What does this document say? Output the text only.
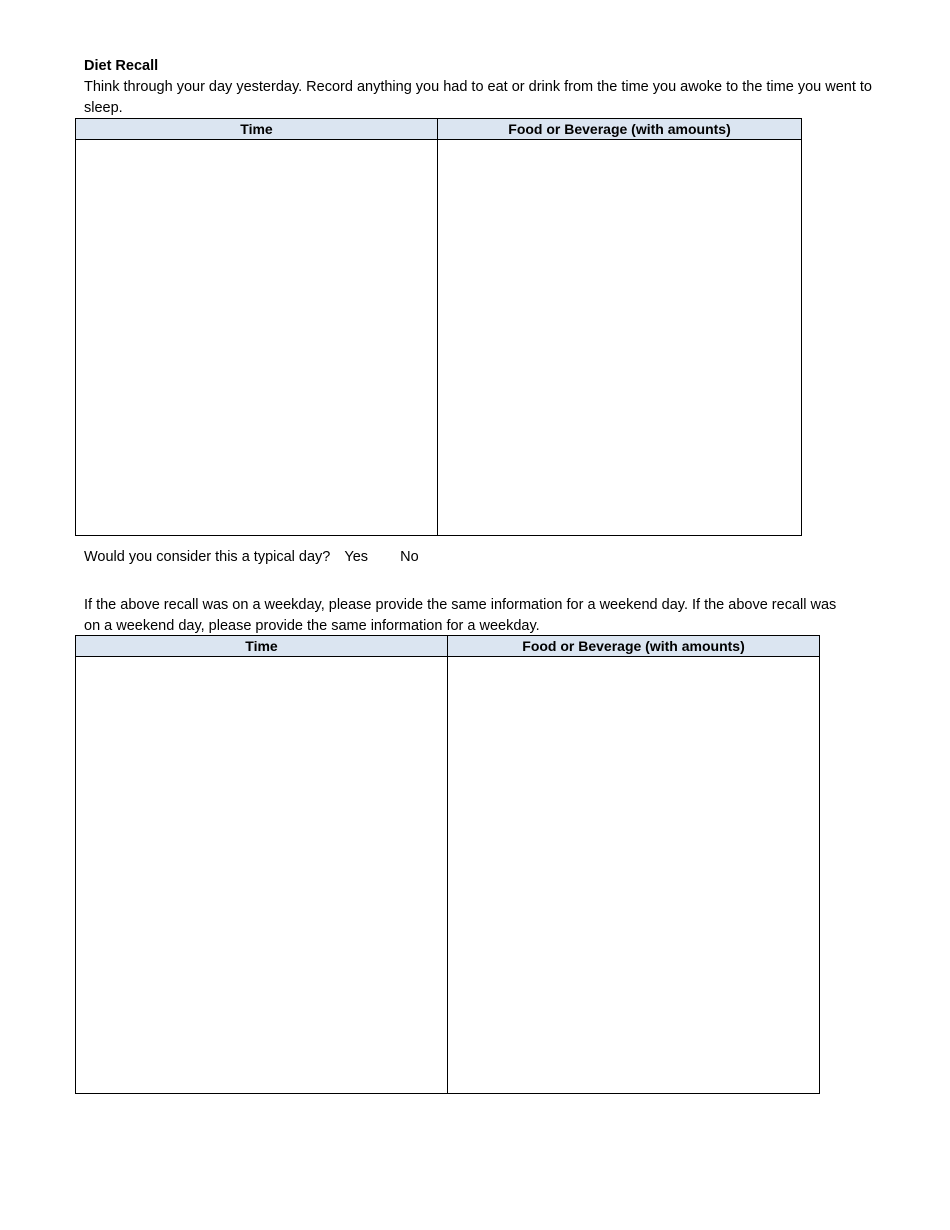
Diet Recall
Think through your day yesterday. Record anything you had to eat or drink from the time you awoke to the time you went to sleep.
Time	Food or Beverage (with amounts)

Would you consider this a typical day? Yes No
If the above recall was on a weekday, please provide the same information for a weekend day. If the above recall was on a weekend day, please provide the same information for a weekday.
Time	Food or Beverage (with amounts)
